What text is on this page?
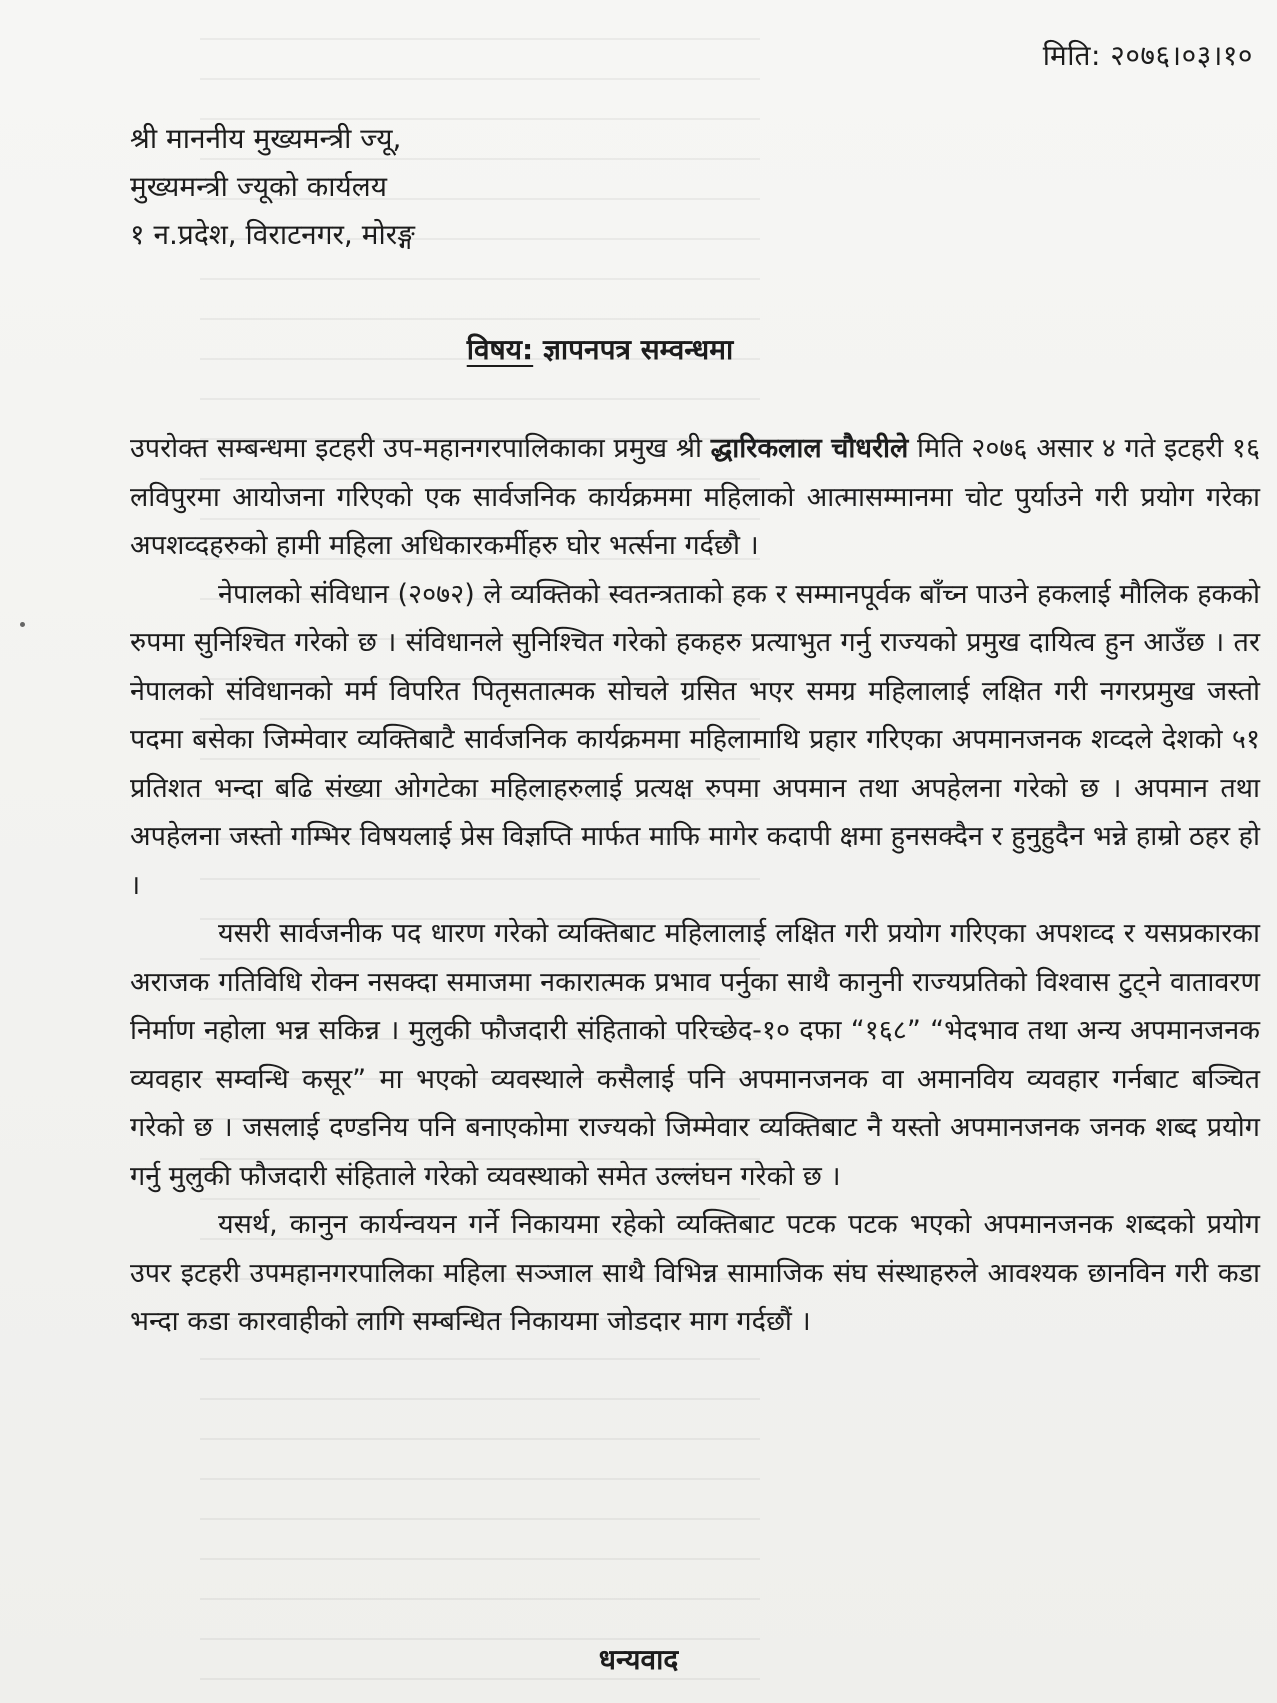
मिति: २०७६।०३।१०
श्री माननीय मुख्यमन्त्री ज्यू,
मुख्यमन्त्री ज्यूको कार्यलय
१ न.प्रदेश, विराटनगर, मोरङ्ग
विषय: ज्ञापनपत्र सम्वन्धमा

उपरोक्त सम्बन्धमा इटहरी उप-महानगरपालिकाका प्रमुख श्री द्धारिकलाल चौधरीले मिति २०७६ असार ४ गते इटहरी १६ लविपुरमा आयोजना गरिएको एक सार्वजनिक कार्यक्रममा महिलाको आत्मासम्मानमा चोट पुर्याउने गरी प्रयोग गरेका अपशव्दहरुको हामी महिला अधिकारकर्मीहरु घोर भर्त्सना गर्दछौ ।

नेपालको संविधान (२०७२) ले व्यक्तिको स्वतन्त्रताको हक र सम्मानपूर्वक बाँच्न पाउने हकलाई मौलिक हकको रुपमा सुनिश्चित गरेको छ । संविधानले सुनिश्चित गरेको हकहरु प्रत्याभुत गर्नु राज्यको प्रमुख दायित्व हुन आउँछ । तर नेपालको संविधानको मर्म विपरित पितृसतात्मक सोचले ग्रसित भएर समग्र महिलालाई लक्षित गरी नगरप्रमुख जस्तो पदमा बसेका जिम्मेवार व्यक्तिबाटै सार्वजनिक कार्यक्रममा महिलामाथि प्रहार गरिएका अपमानजनक शव्दले देशको ५१ प्रतिशत भन्दा बढि संख्या ओगटेका महिलाहरुलाई प्रत्यक्ष रुपमा अपमान तथा अपहेलना गरेको छ । अपमान तथा अपहेलना जस्तो गम्भिर विषयलाई प्रेस विज्ञप्ति मार्फत माफि मागेर कदापी क्षमा हुनसक्दैन र हुनुहुदैन भन्ने हाम्रो ठहर हो ।

यसरी सार्वजनीक पद धारण गरेको व्यक्तिबाट महिलालाई लक्षित गरी प्रयोग गरिएका अपशव्द र यसप्रकारका अराजक गतिविधि रोक्न नसक्दा समाजमा नकारात्मक प्रभाव पर्नुका साथै कानुनी राज्यप्रतिको विश्वास टुट्ने वातावरण निर्माण नहोला भन्न सकिन्न । मुलुकी फौजदारी संहिताको परिच्छेद-१० दफा “१६८” “भेदभाव तथा अन्य अपमानजनक व्यवहार सम्वन्धि कसूर” मा भएको व्यवस्थाले कसैलाई पनि अपमानजनक वा अमानविय व्यवहार गर्नबाट बञ्चित गरेको छ । जसलाई दण्डनिय पनि बनाएकोमा राज्यको जिम्मेवार व्यक्तिबाट नै यस्तो अपमानजनक जनक शब्द प्रयोग गर्नु मुलुकी फौजदारी संहिताले गरेको व्यवस्थाको समेत उल्लंघन गरेको छ ।

यसर्थ, कानुन कार्यन्वयन गर्ने निकायमा रहेको व्यक्तिबाट पटक पटक भएको अपमानजनक शब्दको प्रयोग उपर इटहरी उपमहानगरपालिका महिला सञ्जाल साथै विभिन्न सामाजिक संघ संस्थाहरुले आवश्यक छानविन गरी कडा भन्दा कडा कारवाहीको लागि सम्बन्धित निकायमा जोडदार माग गर्दछौं ।

धन्यवाद
